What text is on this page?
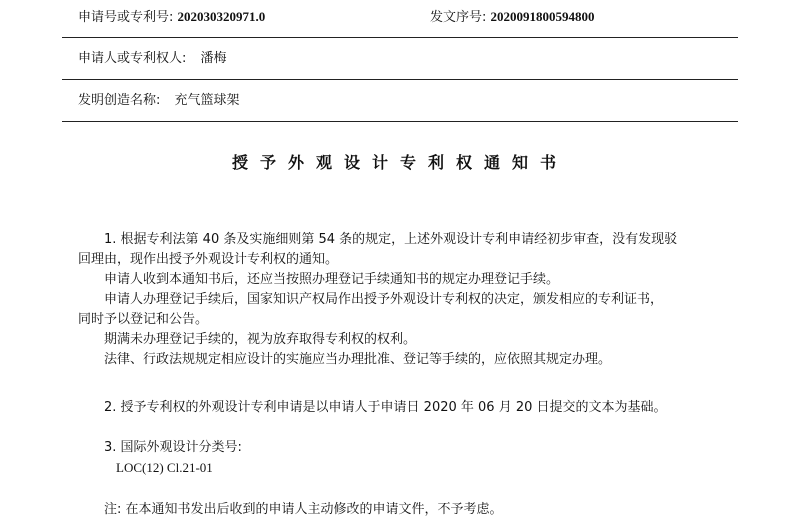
申请号或专利号: 202030320971.0	发文序号: 2020091800594800
申请人或专利权人: 潘梅
发明创造名称: 充气篮球架
授予外观设计专利权通知书

1. 根据专利法第 40 条及实施细则第 54 条的规定，上述外观设计专利申请经初步审查，没有发现驳

回理由，现作出授予外观设计专利权的通知。

申请人收到本通知书后，还应当按照办理登记手续通知书的规定办理登记手续。

申请人办理登记手续后，国家知识产权局作出授予外观设计专利权的决定，颁发相应的专利证书，

同时予以登记和公告。

期满未办理登记手续的，视为放弃取得专利权的权利。

法律、行政法规规定相应设计的实施应当办理批准、登记等手续的，应依照其规定办理。

2. 授予专利权的外观设计专利申请是以申请人于申请日 2020 年 06 月 20 日提交的文本为基础。

3. 国际外观设计分类号:

LOC(12) Cl.21-01

注: 在本通知书发出后收到的申请人主动修改的申请文件，不予考虑。
